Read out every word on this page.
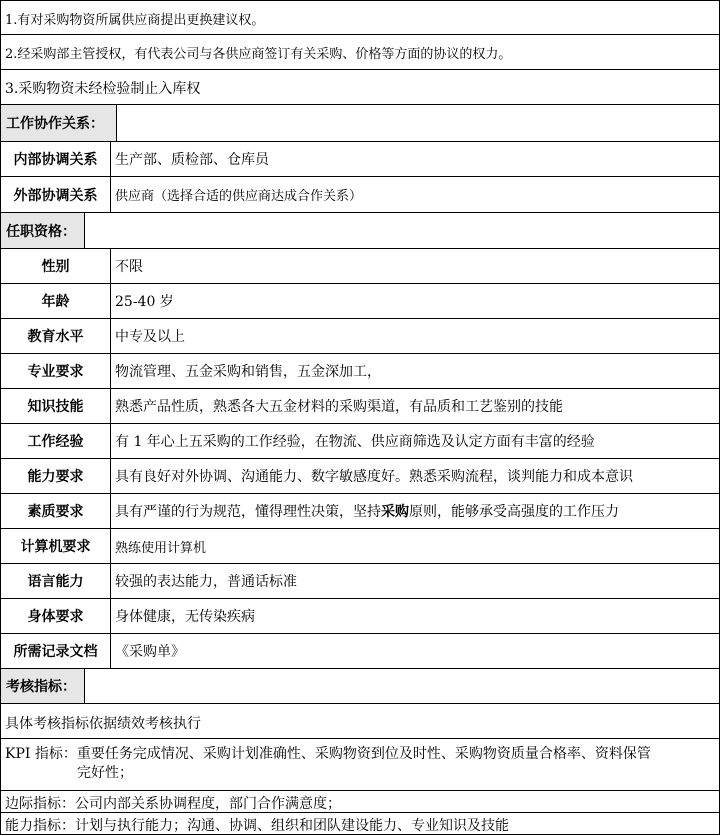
1.有对采购物资所属供应商提出更换建议权。
2.经采购部主管授权，有代表公司与各供应商签订有关采购、价格等方面的协议的权力。
3.采购物资未经检验制止入库权
工作协作关系：
内部协调关系	生产部、质检部、仓库员
外部协调关系	供应商（选择合适的供应商达成合作关系）
任职资格：
性别	不限
年龄	25-40 岁
教育水平	中专及以上
专业要求	物流管理、五金采购和销售，五金深加工，
知识技能	熟悉产品性质，熟悉各大五金材料的采购渠道，有品质和工艺鉴别的技能
工作经验	有 1 年心上五采购的工作经验，在物流、供应商筛选及认定方面有丰富的经验
能力要求	具有良好对外协调、沟通能力、数字敏感度好。熟悉采购流程，谈判能力和成本意识
素质要求	具有严谨的行为规范，懂得理性决策，坚持 采购 原则，能够承受高强度的工作压力
计算机要求	熟练使用计算机
语言能力	较强的表达能力，普通话标准
身体要求	身体健康，无传染疾病
所需记录文档	《采购单》
考核指标：
具体考核指标依据绩效考核执行
KPI 指标：重要任务完成情况、采购计划准确性、采购物资到位及时性、采购物资质量合格率、资料保管
完好性；
边际指标：公司内部关系协调程度，部门合作满意度；
能力指标：计划与执行能力；沟通、协调、组织和团队建设能力、专业知识及技能
